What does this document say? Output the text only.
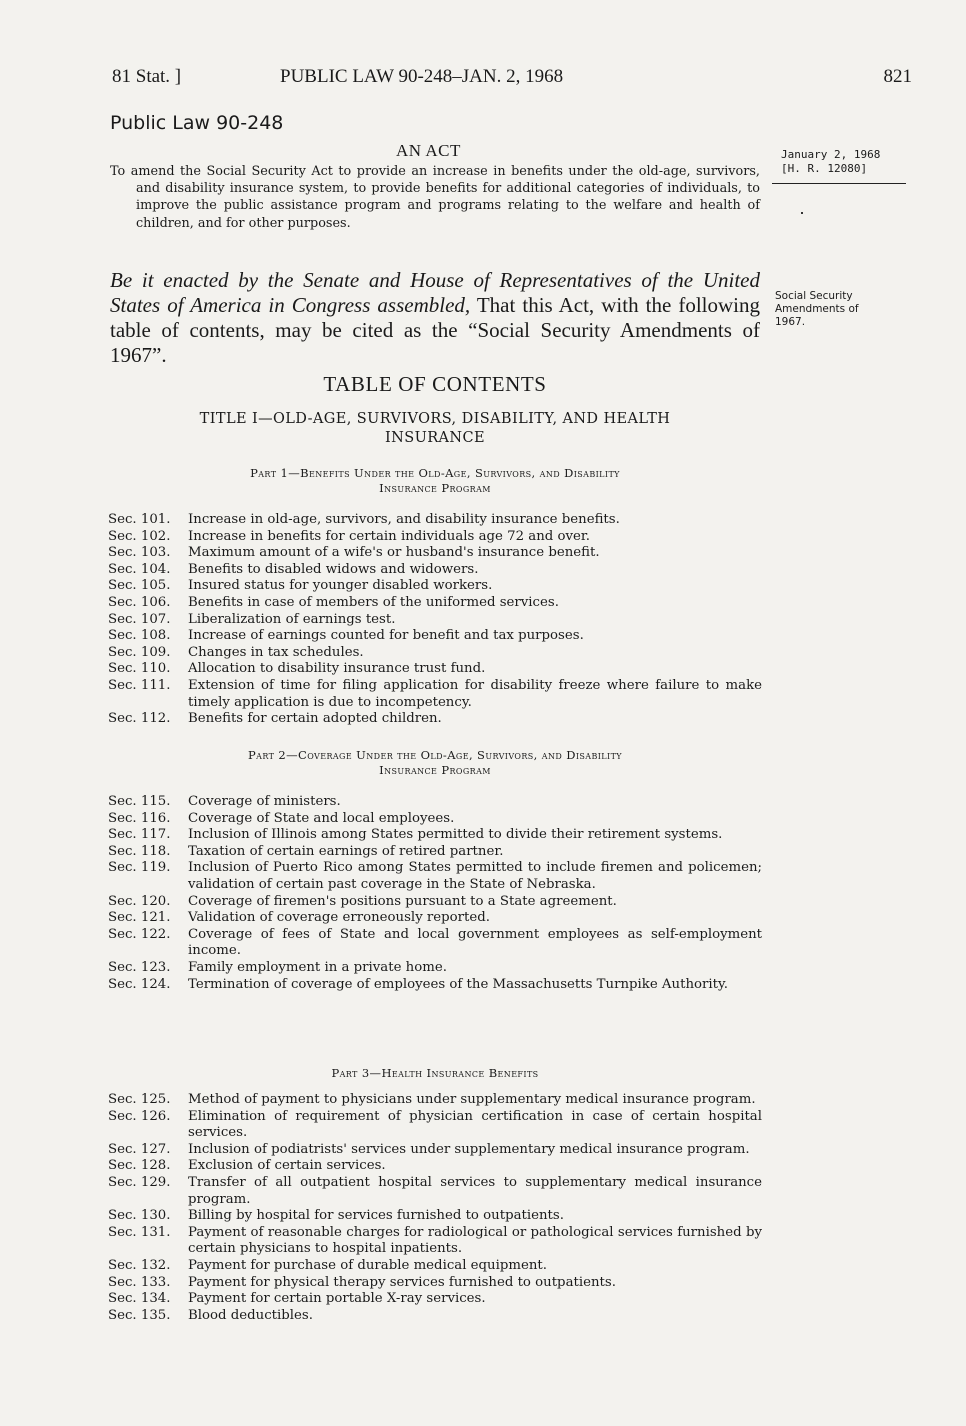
81 Stat. ]	PUBLIC LAW 90-248–JAN. 2, 1968	821
Public Law 90-248
AN ACT
To amend the Social Security Act to provide an increase in benefits under the old-age, survivors, and disability insurance system, to provide benefits for additional categories of individuals, to improve the public assistance program and programs relating to the welfare and health of children, and for other purposes.
January 2, 1968
[H. R. 12080]
Be it enacted by the Senate and House of Representatives of the United States of America in Congress assembled, That this Act, with the following table of contents, may be cited as the “Social Security Amendments of 1967”.
Social Security
Amendments of
1967.
TABLE OF CONTENTS
TITLE I—OLD-AGE, SURVIVORS, DISABILITY, AND HEALTH
INSURANCE
Part 1—Benefits Under the Old-Age, Survivors, and Disability
Insurance Program
Sec. 101.	Increase in old-age, survivors, and disability insurance benefits.
Sec. 102.	Increase in benefits for certain individuals age 72 and over.
Sec. 103.	Maximum amount of a wife's or husband's insurance benefit.
Sec. 104.	Benefits to disabled widows and widowers.
Sec. 105.	Insured status for younger disabled workers.
Sec. 106.	Benefits in case of members of the uniformed services.
Sec. 107.	Liberalization of earnings test.
Sec. 108.	Increase of earnings counted for benefit and tax purposes.
Sec. 109.	Changes in tax schedules.
Sec. 110.	Allocation to disability insurance trust fund.
Sec. 111.	Extension of time for filing application for disability freeze where failure to make timely application is due to incompetency.
Sec. 112.	Benefits for certain adopted children.
Part 2—Coverage Under the Old-Age, Survivors, and Disability
Insurance Program
Sec. 115.	Coverage of ministers.
Sec. 116.	Coverage of State and local employees.
Sec. 117.	Inclusion of Illinois among States permitted to divide their retirement systems.
Sec. 118.	Taxation of certain earnings of retired partner.
Sec. 119.	Inclusion of Puerto Rico among States permitted to include firemen and policemen; validation of certain past coverage in the State of Nebraska.
Sec. 120.	Coverage of firemen's positions pursuant to a State agreement.
Sec. 121.	Validation of coverage erroneously reported.
Sec. 122.	Coverage of fees of State and local government employees as self-employment income.
Sec. 123.	Family employment in a private home.
Sec. 124.	Termination of coverage of employees of the Massachusetts Turnpike Authority.
Part 3—Health Insurance Benefits
Sec. 125.	Method of payment to physicians under supplementary medical insurance program.
Sec. 126.	Elimination of requirement of physician certification in case of certain hospital services.
Sec. 127.	Inclusion of podiatrists' services under supplementary medical insurance program.
Sec. 128.	Exclusion of certain services.
Sec. 129.	Transfer of all outpatient hospital services to supplementary medical insurance program.
Sec. 130.	Billing by hospital for services furnished to outpatients.
Sec. 131.	Payment of reasonable charges for radiological or pathological services furnished by certain physicians to hospital inpatients.
Sec. 132.	Payment for purchase of durable medical equipment.
Sec. 133.	Payment for physical therapy services furnished to outpatients.
Sec. 134.	Payment for certain portable X-ray services.
Sec. 135.	Blood deductibles.
